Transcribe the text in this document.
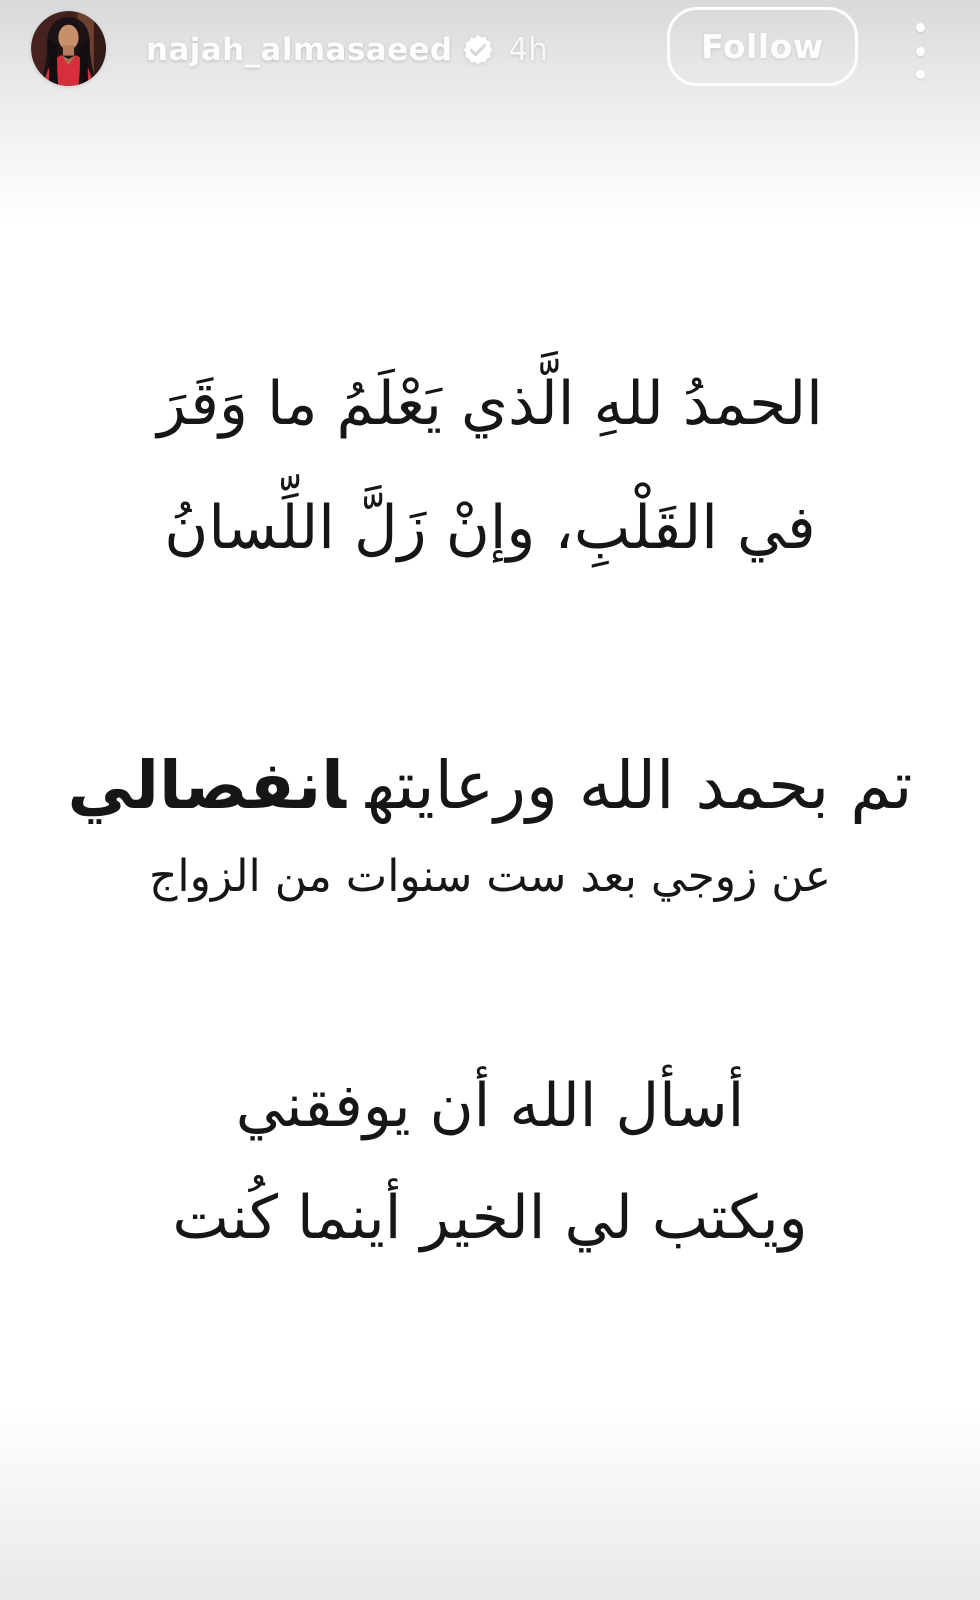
najah_almasaeed 4h	Follow
الحمدُ للهِ الَّذي يَعْلَمُ ما وَقَرَ
في القَلْبِ، وإنْ زَلَّ اللِّسانُ
تم بحمد الله ورعايتهانفصالي
عن زوجي بعد ست سنوات من الزواج
أسأل الله أن يوفقني
ويكتب لي الخير أينما كُنت
